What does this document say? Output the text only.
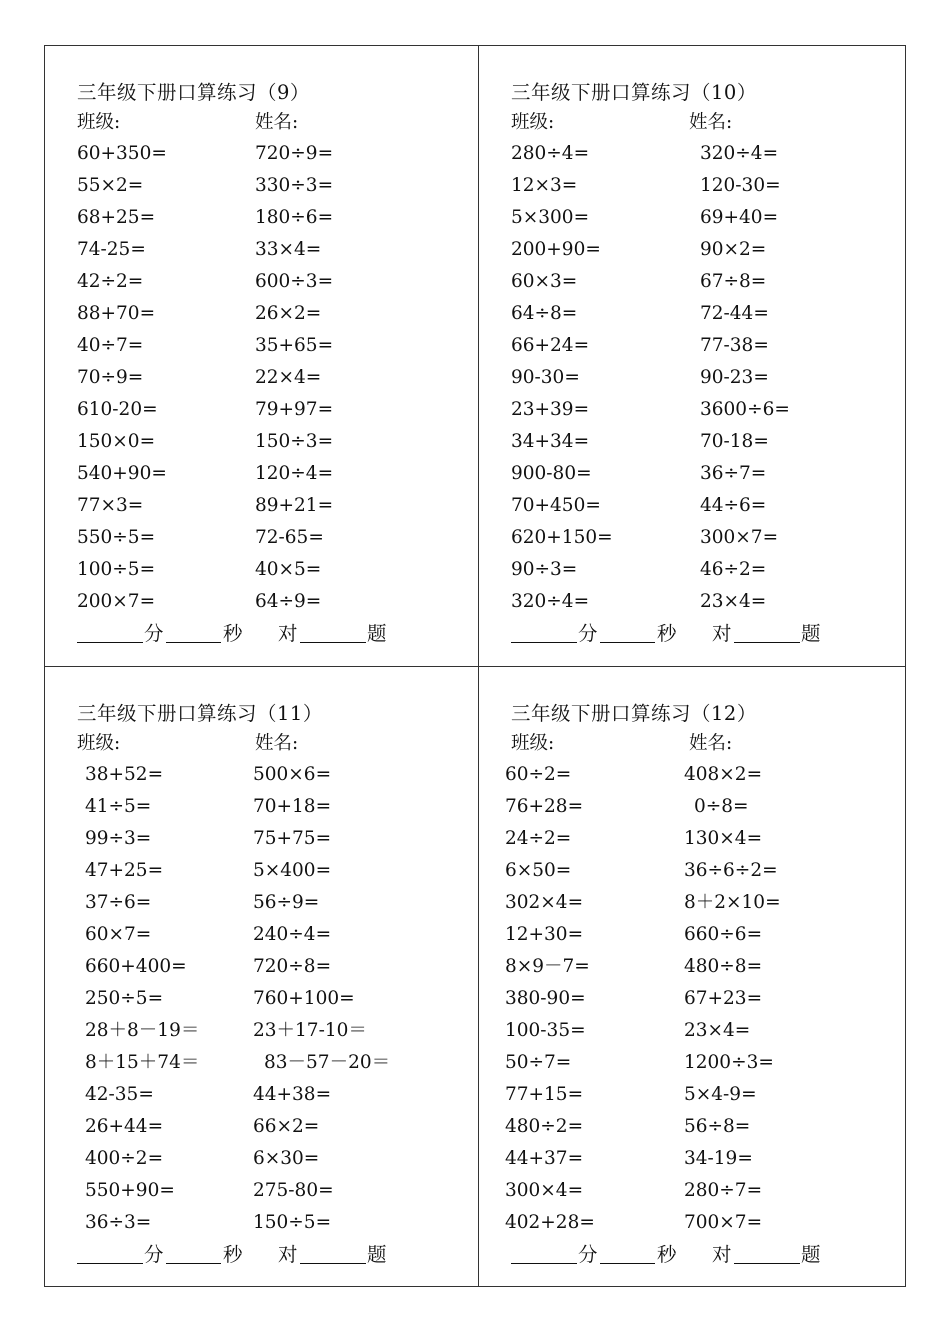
三年级下册口算练习（9）
班级:	姓名:
60+350=	720÷9=
55×2=	330÷3=
68+25=	180÷6=
74-25=	33×4=
42÷2=	600÷3=
88+70=	26×2=
40÷7=	35+65=
70÷9=	22×4=
610-20=	79+97=
150×0=	150÷3=
540+90=	120÷4=
77×3=	89+21=
550÷5=	72-65=
100÷5=	40×5=
200×7=	64÷9=
分	秒 对	题
三年级下册口算练习（10）
班级:	姓名:
280÷4=	320÷4=
12×3=	120-30=
5×300=	69+40=
200+90=	90×2=
60×3=	67÷8=
64÷8=	72-44=
66+24=	77-38=
90-30=	90-23=
23+39=	3600÷6=
34+34=	70-18=
900-80=	36÷7=
70+450=	44÷6=
620+150=	300×7=
90÷3=	46÷2=
320÷4=	23×4=
分	秒 对	题
三年级下册口算练习（11）
班级:	姓名:
38+52=	500×6=
41÷5=	70+18=
99÷3=	75+75=
47+25=	5×400=
37÷6=	56÷9=
60×7=	240÷4=
660+400=	720÷8=
250÷5=	760+100=
28＋8－19＝	23＋17-10＝
8＋15＋74＝	83－57－20＝
42-35=	44+38=
26+44=	66×2=
400÷2=	6×30=
550+90=	275-80=
36÷3=	150÷5=
分	秒 对	题
三年级下册口算练习（12）
班级:	姓名:
60÷2=	408×2=
76+28=	0÷8=
24÷2=	130×4=
6×50=	36÷6÷2=
302×4=	8＋2×10=
12+30=	660÷6=
8×9－7=	480÷8=
380-90=	67+23=
100-35=	23×4=
50÷7=	1200÷3=
77+15=	5×4-9=
480÷2=	56÷8=
44+37=	34-19=
300×4=	280÷7=
402+28=	700×7=
分	秒 对	题
